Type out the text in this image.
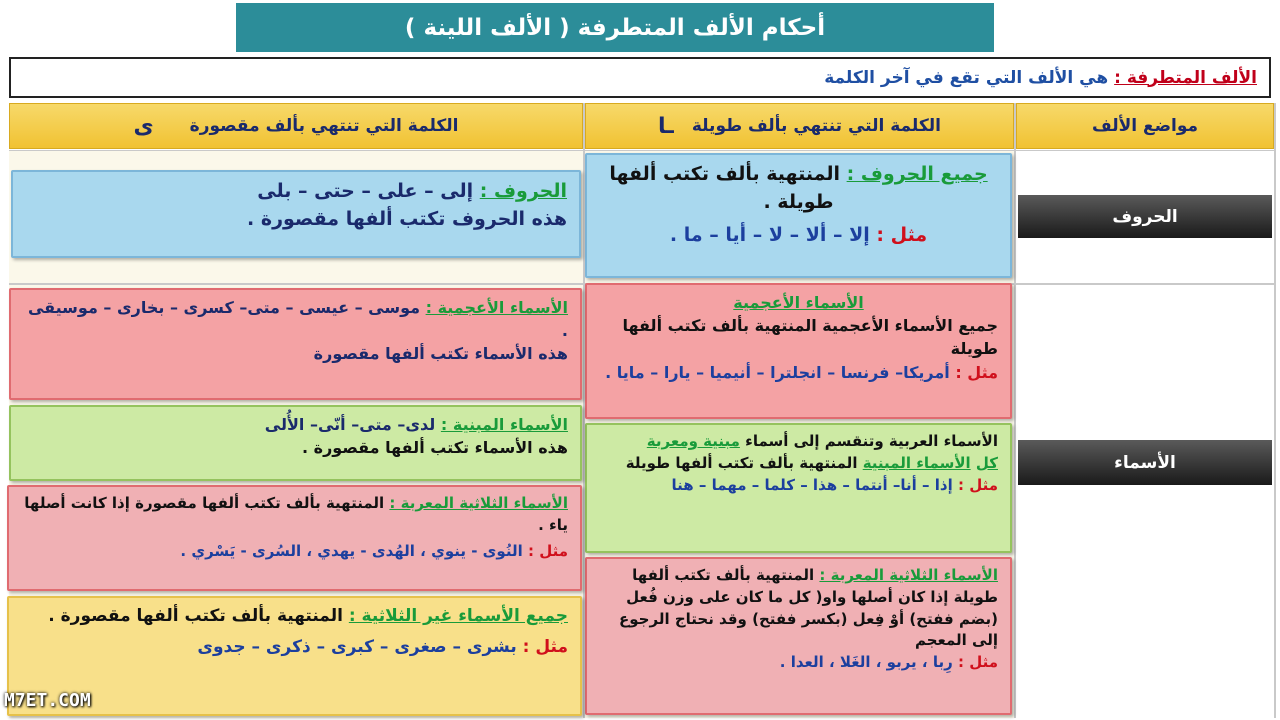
أحكام الألف المتطرفة ( الألف اللينة )
الألف المتطرفة :
هي الألف التي تقع في آخر الكلمة
مواضع الألف
الكلمة التي تنتهي بألف طويلة
ـا
الكلمة التي تنتهي بألف مقصورة
ى
الحروف
الأسماء
جميع الحروف : المنتهية بألف تكتب ألفها طويلة .
مثل : إلا – ألا – لا – أيا – ما .
الأسماء الأعجمية
جميع الأسماء الأعجمية المنتهية بألف تكتب ألفها طويلة
مثل : أمريكا– فرنسا – انجلترا – أنيميا – يارا – مايا .
الأسماء العربية وتنقسم إلى أسماء مبنية ومعربة
كل الأسماء المبنية المنتهية بألف تكتب ألفها طويلة
مثل : إذا – أنا– أنتما – هذا – كلما – مهما – هنا
الأسماء الثلاثية المعربة : المنتهية بألف تكتب ألفها طويلة إذا كان أصلها واو( كل ما كان على وزن فُعل (بضم ففتح) أوْ فِعل (بكسر ففتح) وقد نحتاج الرجوع إلى المعجم
مثل : رِبا ، يربو ، الغَلا ، العدا .
الحروف : إلى – على – حتى – بلى
هذه الحروف تكتب ألفها مقصورة .
الأسماء الأعجمية : موسى – عيسى – متى– كسرى – بخارى – موسيقى .
هذه الأسماء تكتب ألفها مقصورة
الأسماء المبنية : لدى– متى– أنّى– الأُلى
هذه الأسماء تكتب ألفها مقصورة .
الأسماء الثلاثية المعربة : المنتهية بألف تكتب ألفها مقصورة إذا كانت أصلها ياء .
مثل : النُوى - ينوي ، الهُدى - يهدي ، السُرى - يَسْري .
جميع الأسماء غير الثلاثية : المنتهية بألف تكتب ألفها مقصورة .
مثل : بشرى – صغرى – كبرى – ذكرى – جدوى
M7ET.COM
